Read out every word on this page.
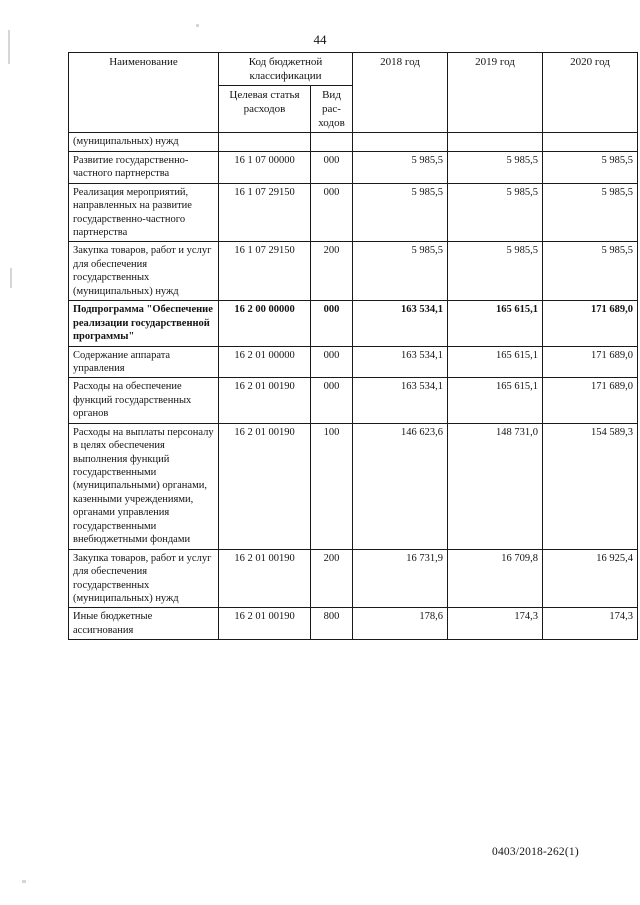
44
Наименование	Код бюджетной классификации		2018 год	2019 год	2020 год
	Целевая статья расходов	Вид рас-ходов			
(муниципальных) нужд					
Развитие государственно-частного партнерства	16 1 07 00000	000	5 985,5	5 985,5	5 985,5
Реализация мероприятий, направленных на развитие государственно-частного партнерства	16 1 07 29150	000	5 985,5	5 985,5	5 985,5
Закупка товаров, работ и услуг для обеспечения государственных (муниципальных) нужд	16 1 07 29150	200	5 985,5	5 985,5	5 985,5
Подпрограмма "Обеспечение реализации государственной программы"	16 2 00 00000	000	163 534,1	165 615,1	171 689,0
Содержание аппарата управления	16 2 01 00000	000	163 534,1	165 615,1	171 689,0
Расходы на обеспечение функций государственных органов	16 2 01 00190	000	163 534,1	165 615,1	171 689,0
Расходы на выплаты персоналу в целях обеспечения выполнения функций государственными (муниципальными) органами, казенными учреждениями, органами управления государственными внебюджетными фондами	16 2 01 00190	100	146 623,6	148 731,0	154 589,3
Закупка товаров, работ и услуг для обеспечения государственных (муниципальных) нужд	16 2 01 00190	200	16 731,9	16 709,8	16 925,4
Иные бюджетные ассигнования	16 2 01 00190	800	178,6	174,3	174,3
0403/2018-262(1)
